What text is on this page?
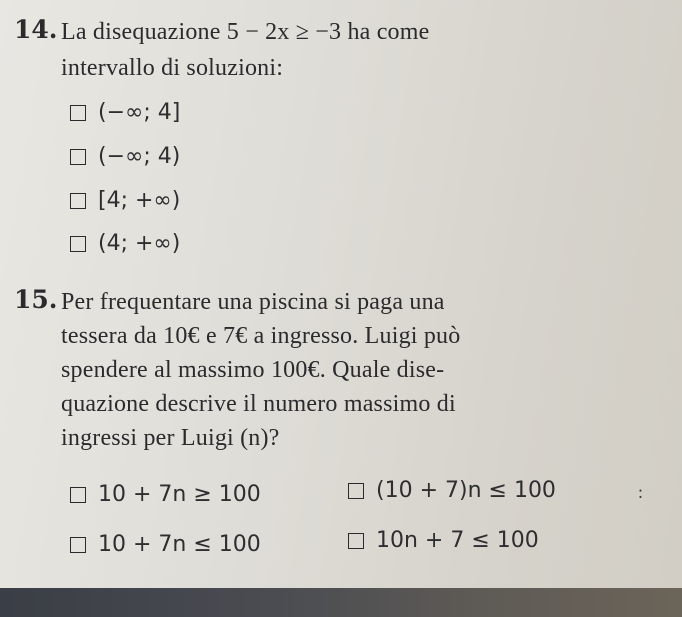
14. La disequazione 5 − 2x ≥ −3 ha come
intervallo di soluzioni:
(−∞; 4]
(−∞; 4)
[4; +∞)
(4; +∞)
15. Per frequentare una piscina si paga una
tessera da 10€ e 7€ a ingresso. Luigi può
spendere al massimo 100€. Quale dise-
quazione descrive il numero massimo di
ingressi per Luigi (n)?
10 + 7n ≥ 100
10 + 7n ≤ 100
(10 + 7)n ≤ 100
10n + 7 ≤ 100
:
